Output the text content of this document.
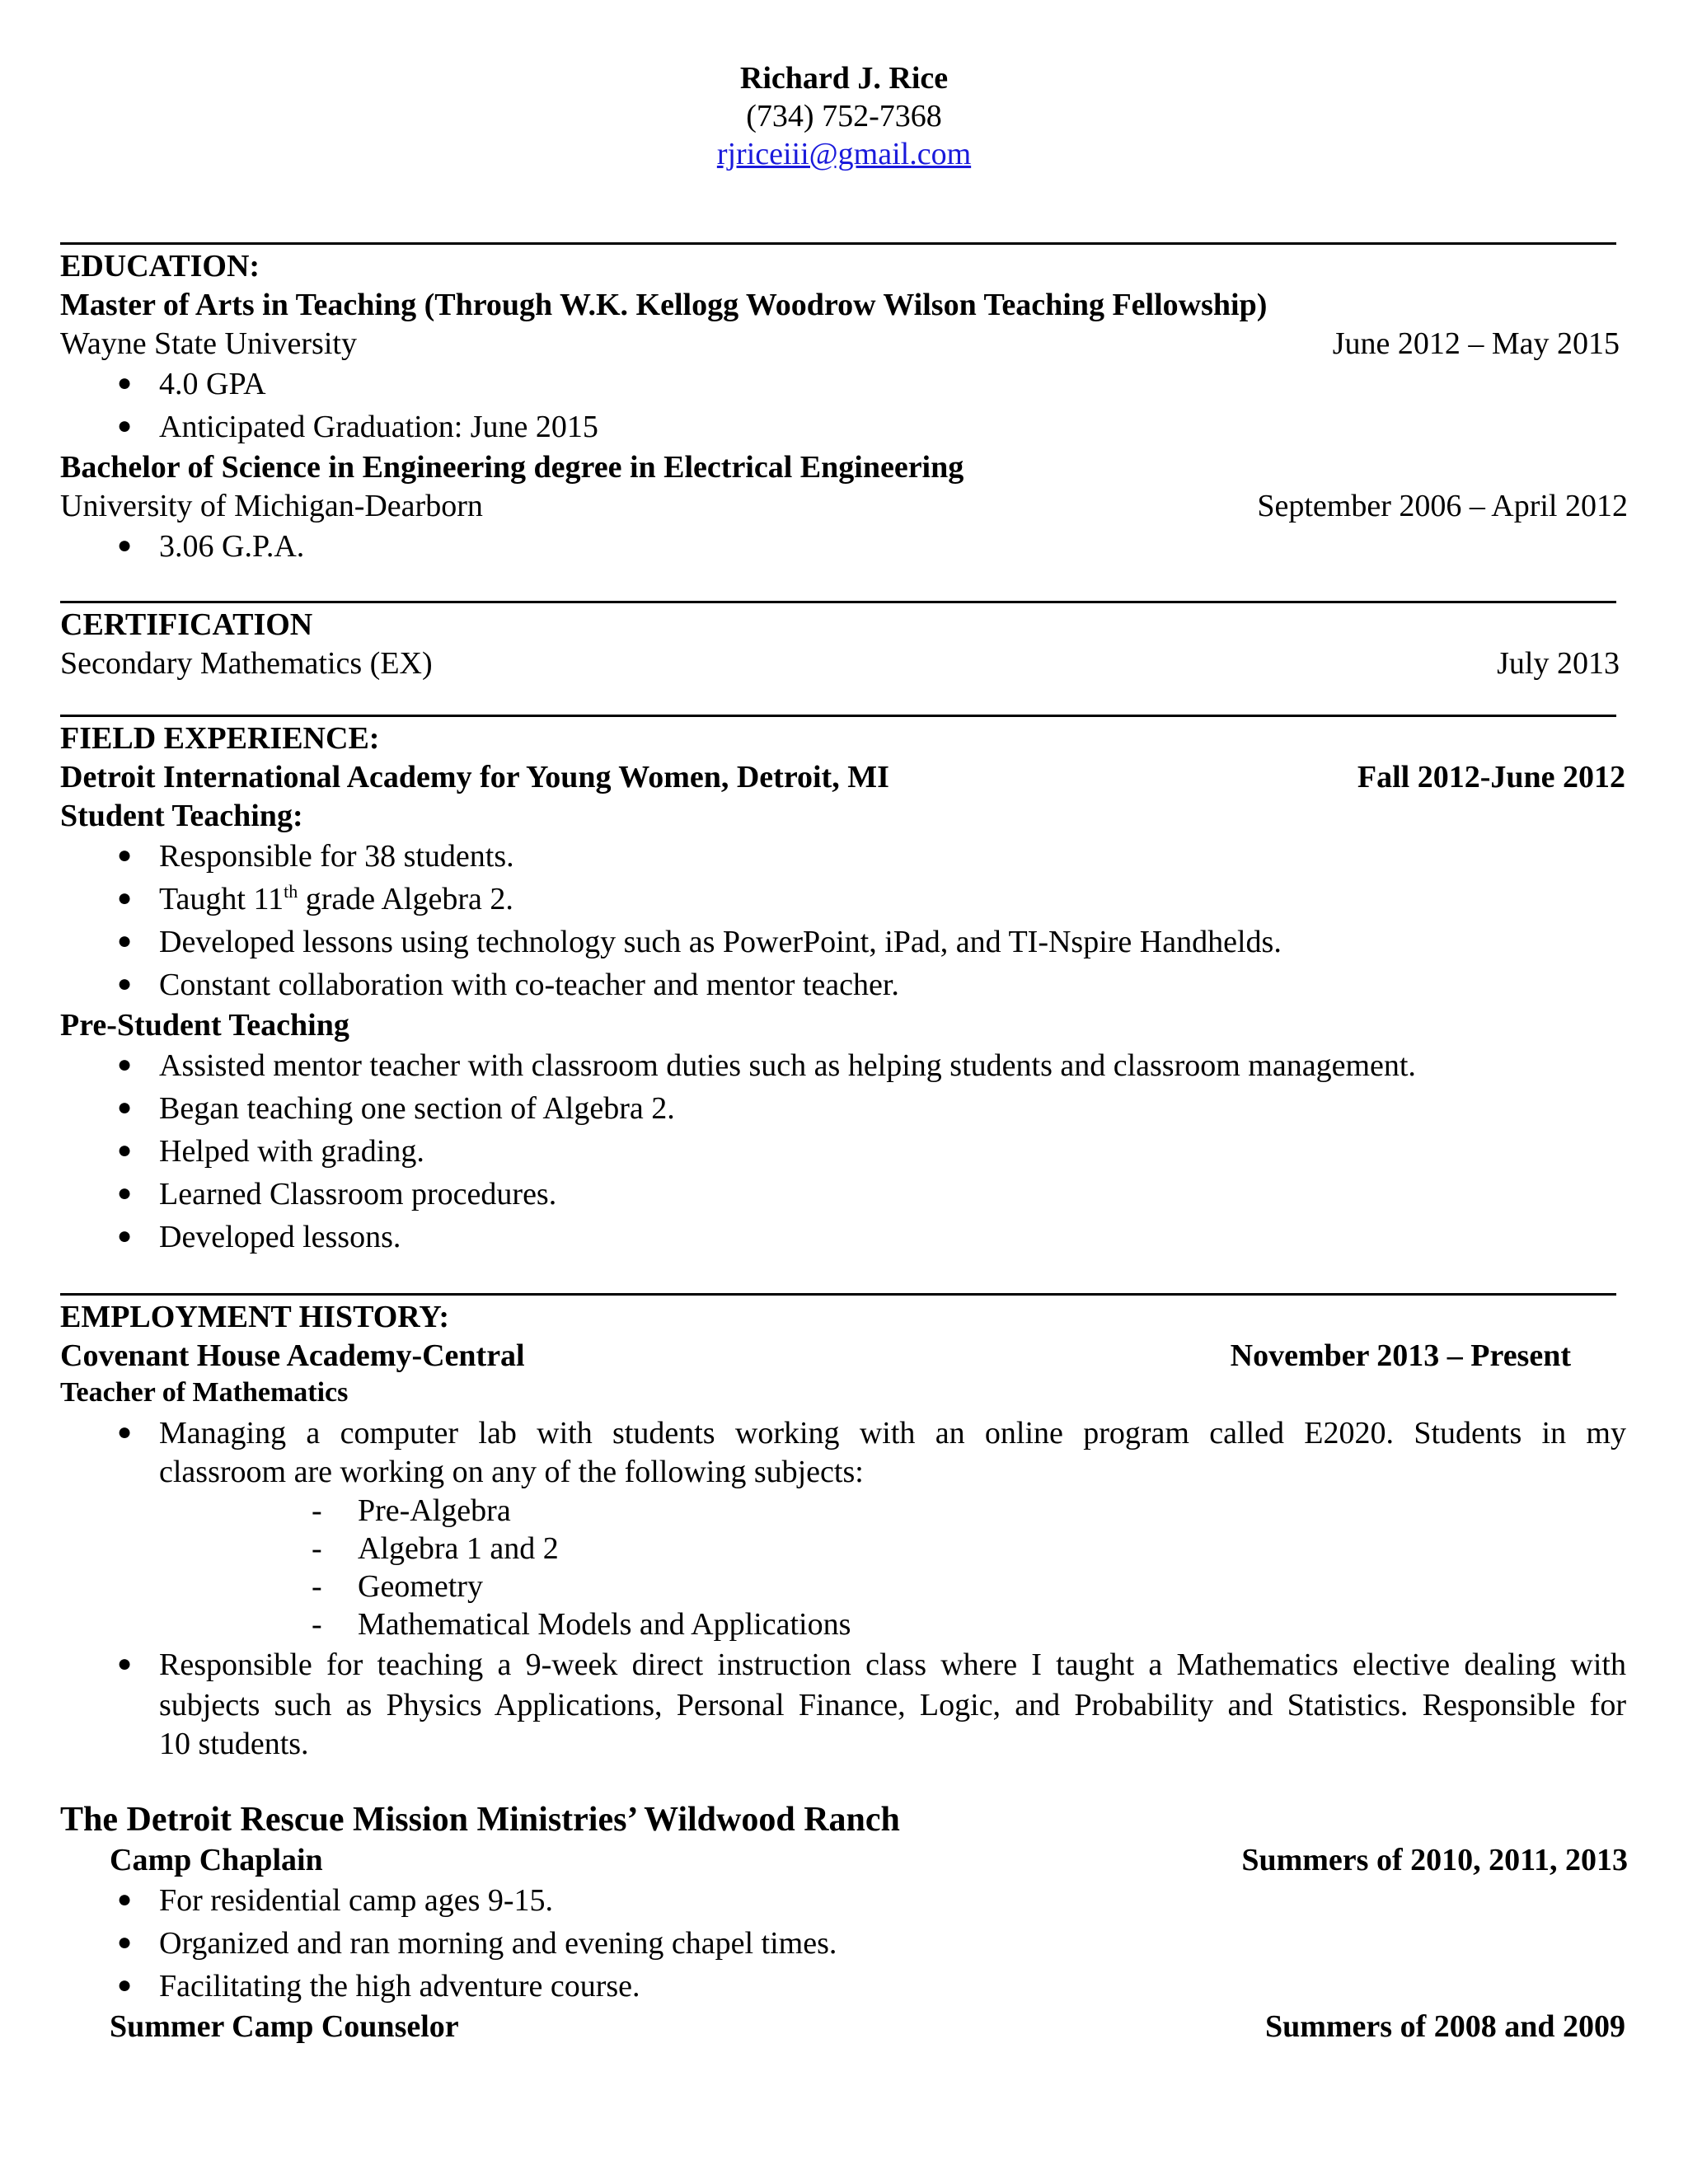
Richard J. Rice
(734) 752-7368
rjriceiii@gmail.com
EDUCATION:
Master of Arts in Teaching (Through W.K. Kellogg Woodrow Wilson Teaching Fellowship)
Wayne State University	June 2012 – May 2015
● 4.0 GPA
● Anticipated Graduation: June 2015
Bachelor of Science in Engineering degree in Electrical Engineering
University of Michigan-Dearborn	September 2006 – April 2012
● 3.06 G.P.A.
CERTIFICATION
Secondary Mathematics (EX)	July 2013
FIELD EXPERIENCE:
Detroit International Academy for Young Women, Detroit, MI	Fall 2012-June 2012
Student Teaching:
● Responsible for 38 students.
● Taught 11th grade Algebra 2.
● Developed lessons using technology such as PowerPoint, iPad, and TI-Nspire Handhelds.
● Constant collaboration with co-teacher and mentor teacher.
Pre-Student Teaching
● Assisted mentor teacher with classroom duties such as helping students and classroom management.
● Began teaching one section of Algebra 2.
● Helped with grading.
● Learned Classroom procedures.
● Developed lessons.
EMPLOYMENT HISTORY:
Covenant House Academy-Central	November 2013 – Present
Teacher of Mathematics
● Managing a computer lab with students working with an online program called E2020. Students in my
classroom are working on any of the following subjects:
- Pre-Algebra
- Algebra 1 and 2
- Geometry
- Mathematical Models and Applications
● Responsible for teaching a 9-week direct instruction class where I taught a Mathematics elective dealing with
subjects such as Physics Applications, Personal Finance, Logic, and Probability and Statistics. Responsible for
10 students.
The Detroit Rescue Mission Ministries’ Wildwood Ranch
Camp Chaplain	Summers of 2010, 2011, 2013
● For residential camp ages 9-15.
● Organized and ran morning and evening chapel times.
● Facilitating the high adventure course.
Summer Camp Counselor	Summers of 2008 and 2009
